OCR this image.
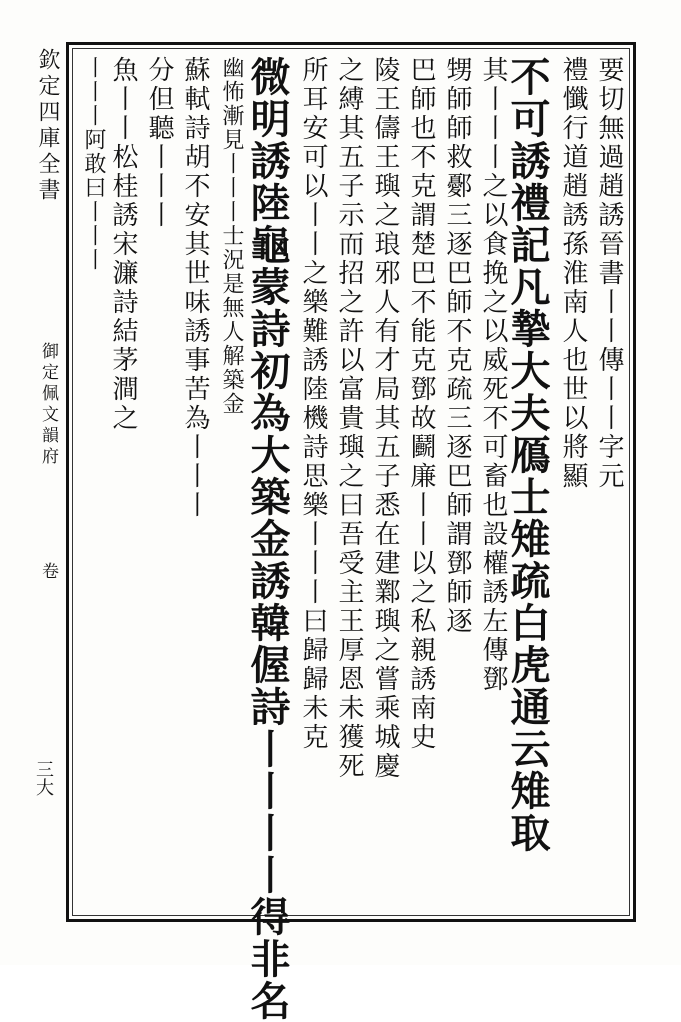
欽定四庫全書
御定佩文韻府
卷
三大
要切無過趙誘晉書丨丨傳丨丨字元
禮懺行道趙誘孫淮南人也世以將顯
不可誘禮記凡摯大夫鴈士雉疏白虎通云雉取
其丨丨丨之以食挽之以威死不可畜也設權誘左傳鄧
甥師師救鄾三逐巴師不克疏三逐巴師謂鄧師逐
巴師也不克謂楚巴不能克鄧故鬬廉丨丨以之私親誘南史
陵王儔王璵之琅邪人有才局其五子悉在建鄴璵之嘗乘城慶
之縛其五子示而招之許以富貴璵之曰吾受主王厚恩未獲死
所耳安可以丨丨之樂難誘陸機詩思樂丨丨丨曰歸歸未克
微明誘陸龜蒙詩初為大築金誘韓偓詩丨丨丨丨得非名
幽怖漸見丨丨丨士況是無人解築金
蘇軾詩胡不安其世味誘事苦為丨丨丨
分但聽丨丨丨
魚丨丨松桂誘宋濂詩結茅澗之
丨丨丨阿敢曰丨丨丨
